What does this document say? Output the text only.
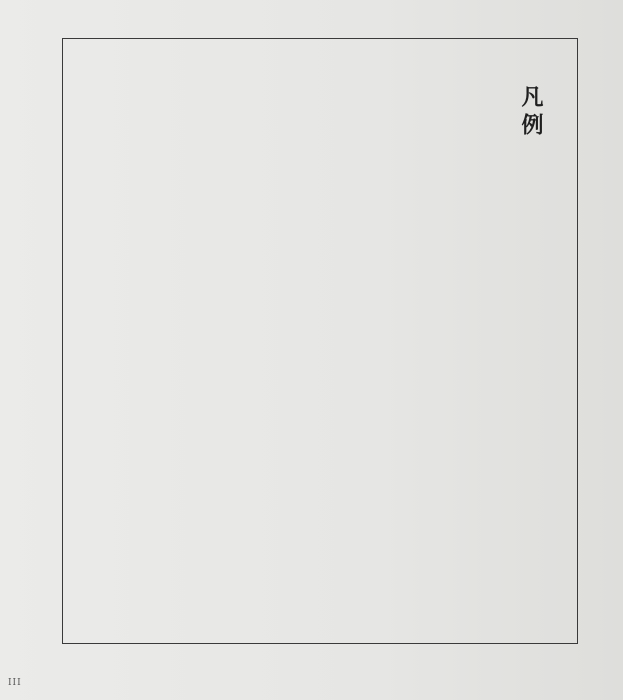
凡例
III
